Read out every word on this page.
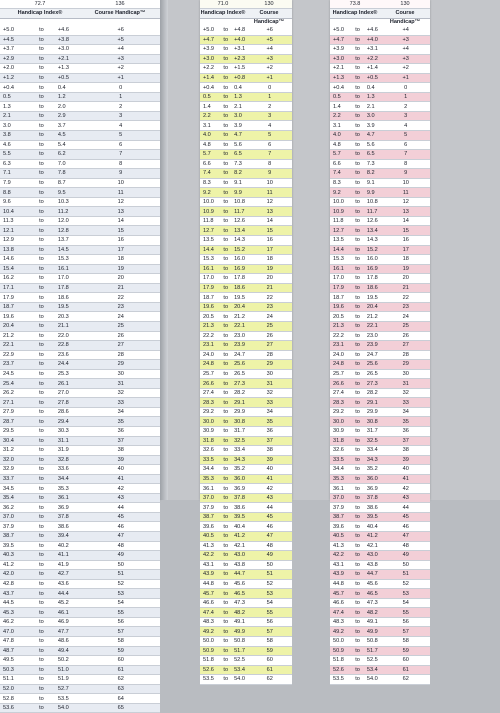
72.7	136
Handicap Index®	Course Handicap™
+5.0	to	+4.6	+6
+4.5	to	+3.8	+5
+3.7	to	+3.0	+4
+2.9	to	+2.1	+3
+2.0	to	+1.3	+2
+1.2	to	+0.5	+1
+0.4	to	0.4	0
0.5	to	1.2	1
1.3	to	2.0	2
2.1	to	2.9	3
3.0	to	3.7	4
3.8	to	4.5	5
4.6	to	5.4	6
5.5	to	6.2	7
6.3	to	7.0	8
7.1	to	7.8	9
7.9	to	8.7	10
8.8	to	9.5	11
9.6	to	10.3	12
10.4	to	11.2	13
11.3	to	12.0	14
12.1	to	12.8	15
12.9	to	13.7	16
13.8	to	14.5	17
14.6	to	15.3	18
15.4	to	16.1	19
16.2	to	17.0	20
17.1	to	17.8	21
17.9	to	18.6	22
18.7	to	19.5	23
19.6	to	20.3	24
20.4	to	21.1	25
21.2	to	22.0	26
22.1	to	22.8	27
22.9	to	23.6	28
23.7	to	24.4	29
24.5	to	25.3	30
25.4	to	26.1	31
26.2	to	27.0	32
27.1	to	27.8	33
27.9	to	28.6	34
28.7	to	29.4	35
29.5	to	30.3	36
30.4	to	31.1	37
31.2	to	31.9	38
32.0	to	32.8	39
32.9	to	33.6	40
33.7	to	34.4	41
34.5	to	35.3	42
35.4	to	36.1	43
36.2	to	36.9	44
37.0	to	37.8	45
37.9	to	38.6	46
38.7	to	39.4	47
39.5	to	40.2	48
40.3	to	41.1	49
41.2	to	41.9	50
42.0	to	42.7	51
42.8	to	43.6	52
43.7	to	44.4	53
44.5	to	45.2	54
45.3	to	46.1	55
46.2	to	46.9	56
47.0	to	47.7	57
47.8	to	48.6	58
48.7	to	49.4	59
49.5	to	50.2	60
50.3	to	51.0	61
51.1	to	51.9	62
52.0	to	52.7	63
52.8	to	53.5	64
53.6	to	54.0	65
71.0	130
Handicap Index®	Course Handicap™
+5.0	to	+4.8	+6
+4.7	to	+4.0	+5
+3.9	to	+3.1	+4
+3.0	to	+2.3	+3
+2.2	to	+1.5	+2
+1.4	to	+0.8	+1
+0.4	to	0.4	0
0.5	to	1.3	1
1.4	to	2.1	2
2.2	to	3.0	3
3.1	to	3.9	4
4.0	to	4.7	5
4.8	to	5.6	6
5.7	to	6.5	7
6.6	to	7.3	8
7.4	to	8.2	9
8.3	to	9.1	10
9.2	to	9.9	11
10.0	to	10.8	12
10.9	to	11.7	13
11.8	to	12.6	14
12.7	to	13.4	15
13.5	to	14.3	16
14.4	to	15.2	17
15.3	to	16.0	18
16.1	to	16.9	19
17.0	to	17.8	20
17.9	to	18.6	21
18.7	to	19.5	22
19.6	to	20.4	23
20.5	to	21.2	24
21.3	to	22.1	25
22.2	to	23.0	26
23.1	to	23.9	27
24.0	to	24.7	28
24.8	to	25.6	29
25.7	to	26.5	30
26.6	to	27.3	31
27.4	to	28.2	32
28.3	to	29.1	33
29.2	to	29.9	34
30.0	to	30.8	35
30.9	to	31.7	36
31.8	to	32.5	37
32.6	to	33.4	38
33.5	to	34.3	39
34.4	to	35.2	40
35.3	to	36.0	41
36.1	to	36.9	42
37.0	to	37.8	43
37.9	to	38.6	44
38.7	to	39.5	45
39.6	to	40.4	46
40.5	to	41.2	47
41.3	to	42.1	48
42.2	to	43.0	49
43.1	to	43.8	50
43.9	to	44.7	51
44.8	to	45.6	52
45.7	to	46.5	53
46.6	to	47.3	54
47.4	to	48.2	55
48.3	to	49.1	56
49.2	to	49.9	57
50.0	to	50.8	58
50.9	to	51.7	59
51.8	to	52.5	60
52.6	to	53.4	61
53.5	to	54.0	62
73.8	130
Handicap Index®	Course Handicap™
+5.0	to	+4.6	+4
+4.7	to	+4.0	+3
+3.9	to	+3.1	+4
+3.0	to	+2.2	+3
+2.1	to	+1.4	+2
+1.3	to	+0.5	+1
+0.4	to	0.4	0
0.5	to	1.3	1
1.4	to	2.1	2
2.2	to	3.0	3
3.1	to	3.9	4
4.0	to	4.7	5
4.8	to	5.6	6
5.7	to	6.5	7
6.6	to	7.3	8
7.4	to	8.2	9
8.3	to	9.1	10
9.2	to	9.9	11
10.0	to	10.8	12
10.9	to	11.7	13
11.8	to	12.6	14
12.7	to	13.4	15
13.5	to	14.3	16
14.4	to	15.2	17
15.3	to	16.0	18
16.1	to	16.9	19
17.0	to	17.8	20
17.9	to	18.6	21
18.7	to	19.5	22
19.6	to	20.4	23
20.5	to	21.2	24
21.3	to	22.1	25
22.2	to	23.0	26
23.1	to	23.9	27
24.0	to	24.7	28
24.8	to	25.6	29
25.7	to	26.5	30
26.6	to	27.3	31
27.4	to	28.2	32
28.3	to	29.1	33
29.2	to	29.9	34
30.0	to	30.8	35
30.9	to	31.7	36
31.8	to	32.5	37
32.6	to	33.4	38
33.5	to	34.3	39
34.4	to	35.2	40
35.3	to	36.0	41
36.1	to	36.9	42
37.0	to	37.8	43
37.9	to	38.6	44
38.7	to	39.5	45
39.6	to	40.4	46
40.5	to	41.2	47
41.3	to	42.1	48
42.2	to	43.0	49
43.1	to	43.8	50
43.9	to	44.7	51
44.8	to	45.6	52
45.7	to	46.5	53
46.6	to	47.3	54
47.4	to	48.2	55
48.3	to	49.1	56
49.2	to	49.9	57
50.0	to	50.8	58
50.9	to	51.7	59
51.8	to	52.5	60
52.6	to	53.4	61
53.5	to	54.0	62
